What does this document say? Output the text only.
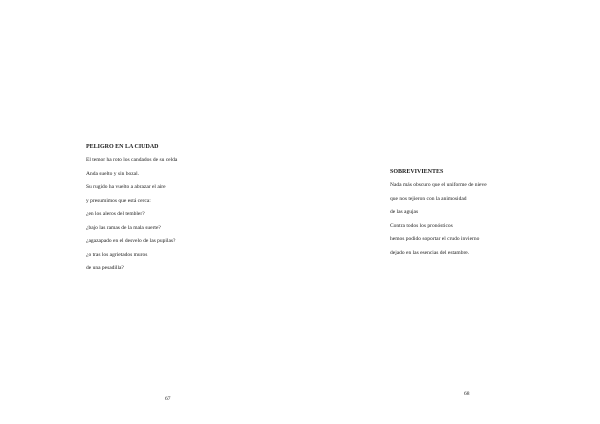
PELIGRO EN LA CIUDAD
El temor ha roto los candados de su celda
Anda suelto y sin bozal.
Su rugido ha vuelto a abrazar el aire
y presumimos que está cerca:
¿en los aleros del tembler?
¿bajo las ramas de la mala suerte?
¿agazapado en el desvelo de las pupilas?
¿o tras los agrietados muros
de una pesadilla?
67
SOBREVIVIENTES
Nada más obscuro que el uniforme de nieve
que nos tejieron con la animosidad
de las agujas
Contra todos los pronósticos
hemos podido soportar el crudo invierno
dejado en las esencias del estambre.
68
